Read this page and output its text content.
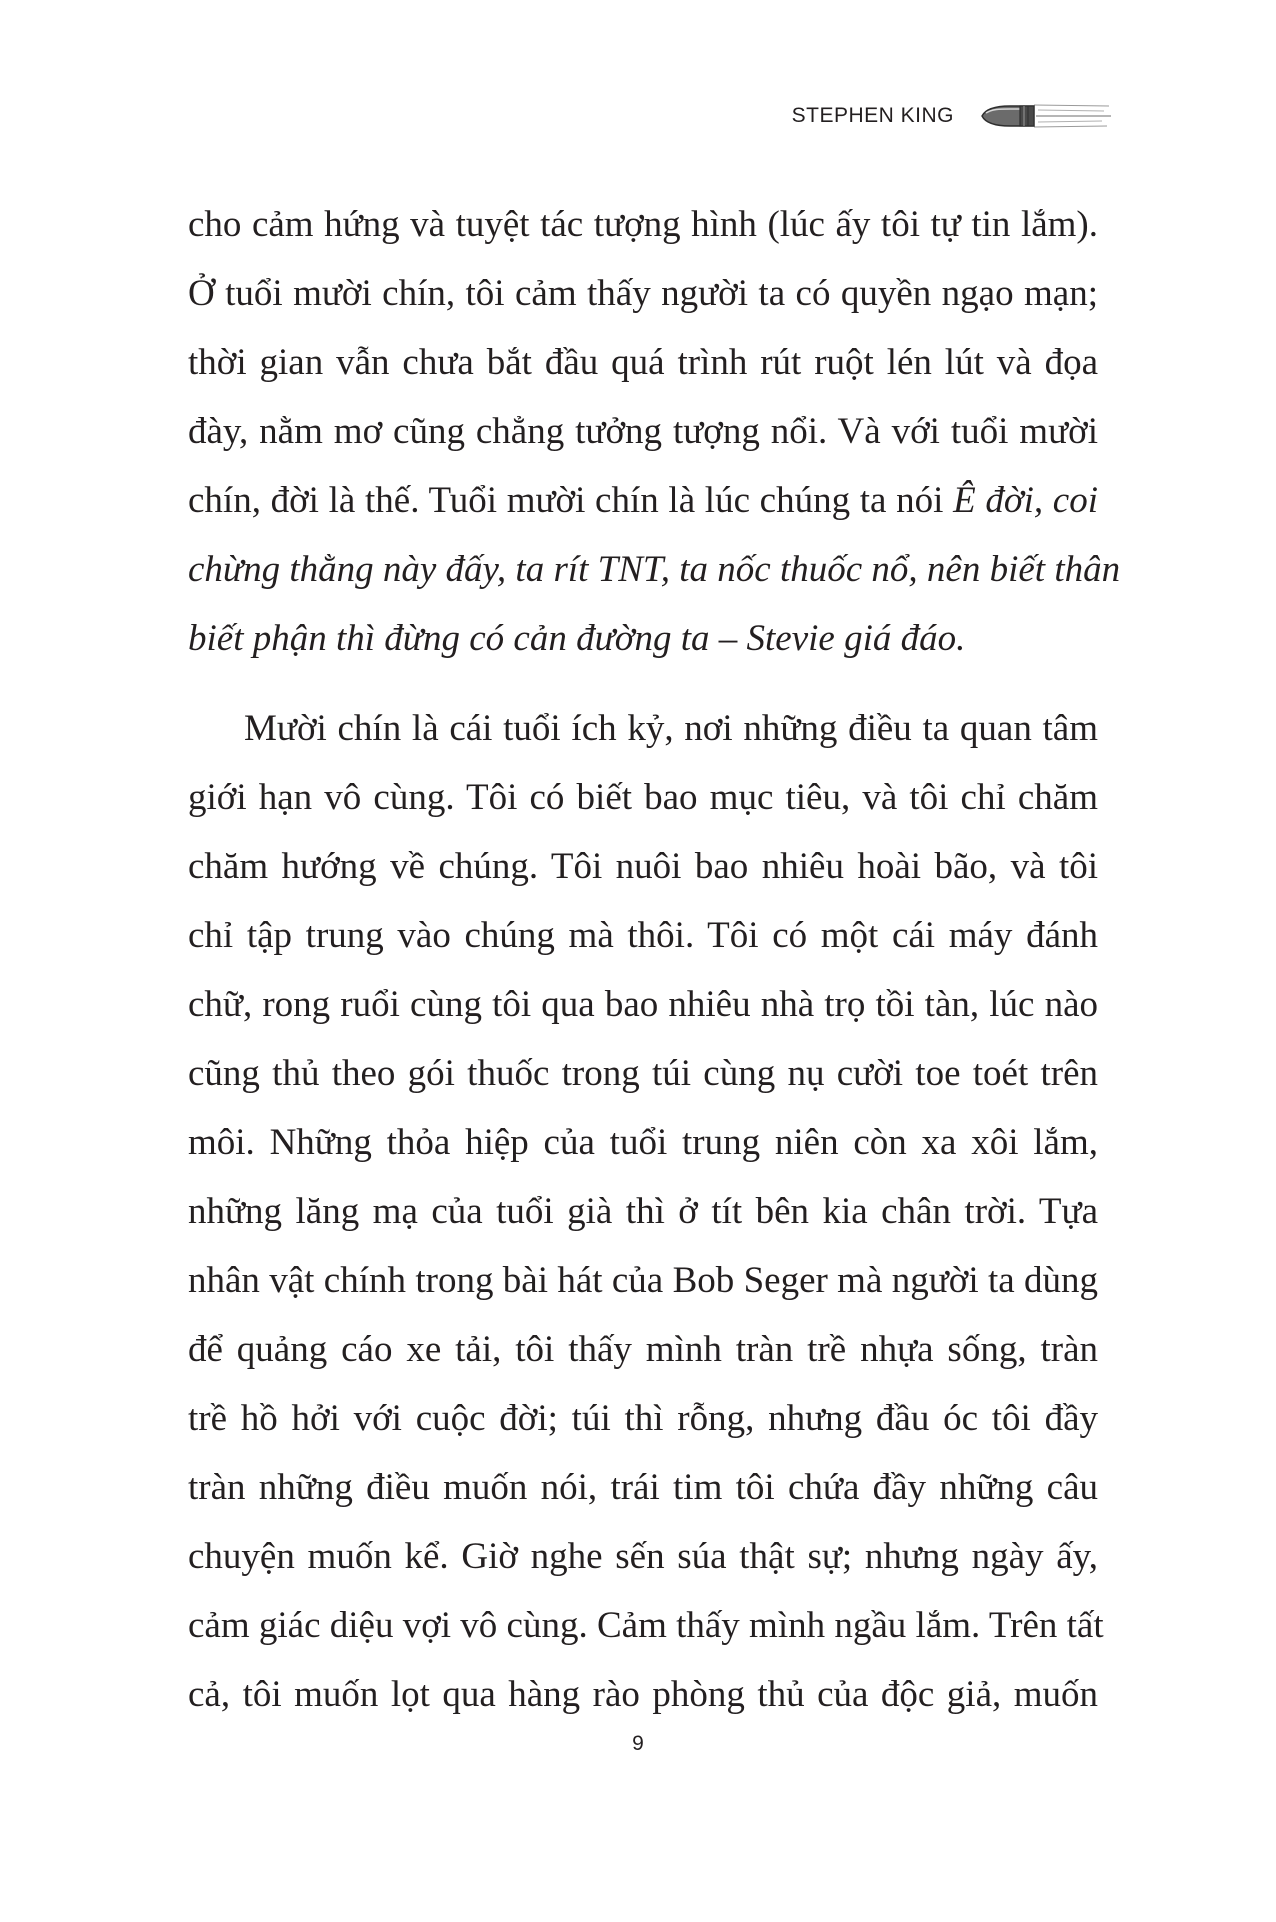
STEPHEN KING
cho cảm hứng và tuyệt tác tượng hình (lúc ấy tôi tự tin lắm).
Ở tuổi mười chín, tôi cảm thấy người ta có quyền ngạo mạn;
thời gian vẫn chưa bắt đầu quá trình rút ruột lén lút và đọa
đày, nằm mơ cũng chẳng tưởng tượng nổi. Và với tuổi mười
chín, đời là thế. Tuổi mười chín là lúc chúng ta nói Ê đời, coi
chừng thằng này đấy, ta rít TNT, ta nốc thuốc nổ, nên biết thân
biết phận thì đừng có cản đường ta – Stevie giá đáo.
Mười chín là cái tuổi ích kỷ, nơi những điều ta quan tâm
giới hạn vô cùng. Tôi có biết bao mục tiêu, và tôi chỉ chăm
chăm hướng về chúng. Tôi nuôi bao nhiêu hoài bão, và tôi
chỉ tập trung vào chúng mà thôi. Tôi có một cái máy đánh
chữ, rong ruổi cùng tôi qua bao nhiêu nhà trọ tồi tàn, lúc nào
cũng thủ theo gói thuốc trong túi cùng nụ cười toe toét trên
môi. Những thỏa hiệp của tuổi trung niên còn xa xôi lắm,
những lăng mạ của tuổi già thì ở tít bên kia chân trời. Tựa
nhân vật chính trong bài hát của Bob Seger mà người ta dùng
để quảng cáo xe tải, tôi thấy mình tràn trề nhựa sống, tràn
trề hồ hởi với cuộc đời; túi thì rỗng, nhưng đầu óc tôi đầy
tràn những điều muốn nói, trái tim tôi chứa đầy những câu
chuyện muốn kể. Giờ nghe sến súa thật sự; nhưng ngày ấy,
cảm giác diệu vợi vô cùng. Cảm thấy mình ngầu lắm. Trên tất
cả, tôi muốn lọt qua hàng rào phòng thủ của độc giả, muốn
9
